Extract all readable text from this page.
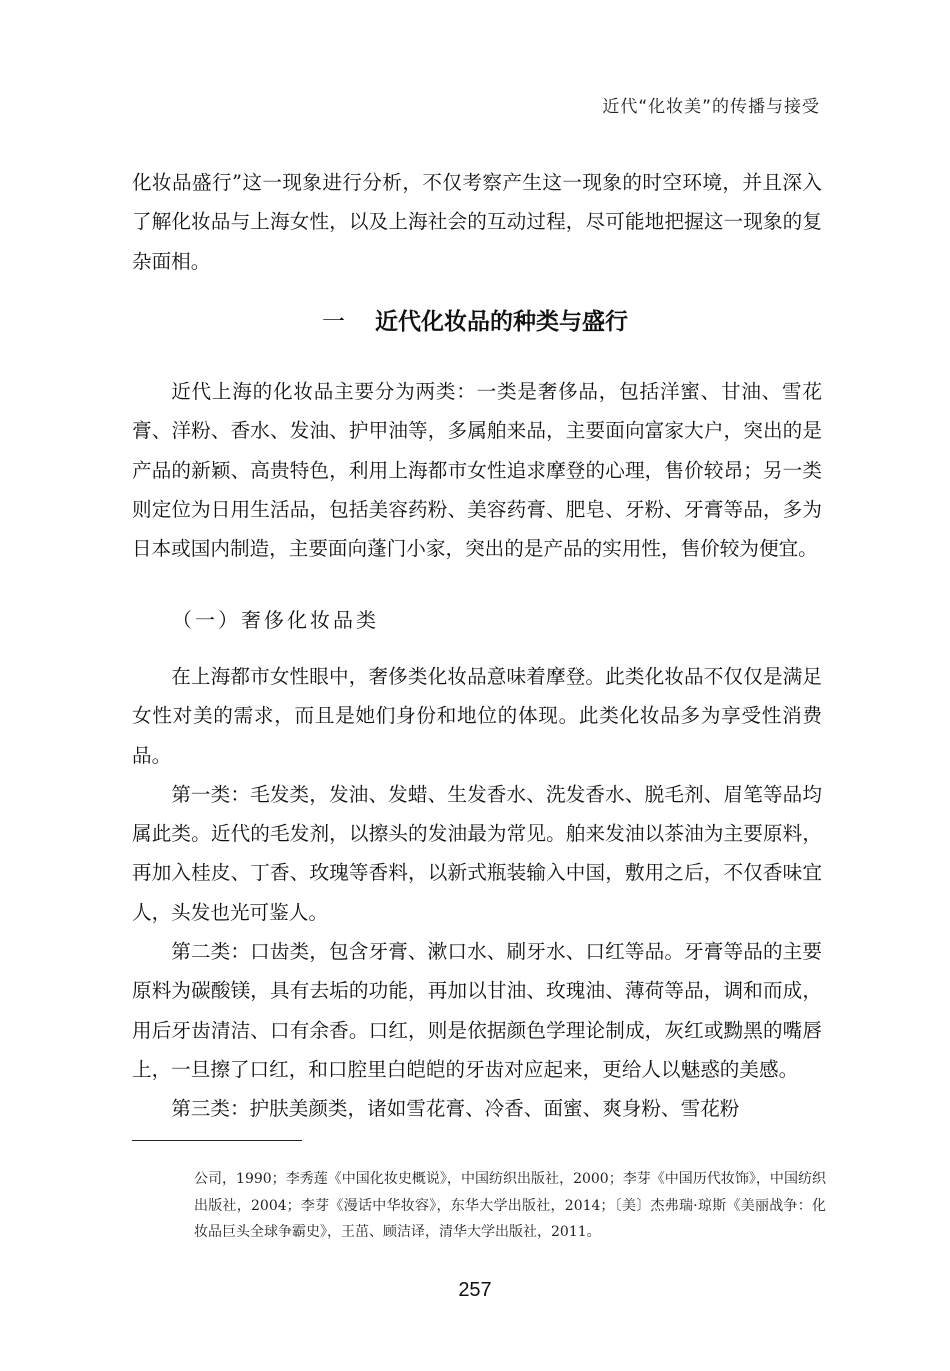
近代“化妆美”的传播与接受

化妆品盛行”这一现象进行分析，不仅考察产生这一现象的时空环境，并且深入了解化妆品与上海女性，以及上海社会的互动过程，尽可能地把握这一现象的复杂面相。

一 近代化妆品的种类与盛行

近代上海的化妆品主要分为两类：一类是奢侈品，包括洋蜜、甘油、雪花膏、洋粉、香水、发油、护甲油等，多属舶来品，主要面向富家大户，突出的是产品的新颖、高贵特色，利用上海都市女性追求摩登的心理，售价较昂；另一类则定位为日用生活品，包括美容药粉、美容药膏、肥皂、牙粉、牙膏等品，多为日本或国内制造，主要面向蓬门小家，突出的是产品的实用性，售价较为便宜。

（一）奢侈化妆品类

在上海都市女性眼中，奢侈类化妆品意味着摩登。此类化妆品不仅仅是满足女性对美的需求，而且是她们身份和地位的体现。此类化妆品多为享受性消费品。

第一类：毛发类，发油、发蜡、生发香水、洗发香水、脱毛剂、眉笔等品均属此类。近代的毛发剂，以擦头的发油最为常见。舶来发油以茶油为主要原料，再加入桂皮、丁香、玫瑰等香料，以新式瓶装输入中国，敷用之后，不仅香味宜人，头发也光可鉴人。

第二类：口齿类，包含牙膏、漱口水、刷牙水、口红等品。牙膏等品的主要原料为碳酸镁，具有去垢的功能，再加以甘油、玫瑰油、薄荷等品，调和而成，用后牙齿清洁、口有余香。口红，则是依据颜色学理论制成，灰红或黝黑的嘴唇上，一旦擦了口红，和口腔里白皑皑的牙齿对应起来，更给人以魅惑的美感。

第三类：护肤美颜类，诸如雪花膏、冷香、面蜜、爽身粉、雪花粉

公司，1990；李秀莲《中国化妆史概说》，中国纺织出版社，2000；李芽《中国历代妆饰》，中国纺织出版社，2004；李芽《漫话中华妆容》，东华大学出版社，2014；〔美〕杰弗瑞·琼斯《美丽战争：化妆品巨头全球争霸史》，王茁、顾洁译，清华大学出版社，2011。
257
